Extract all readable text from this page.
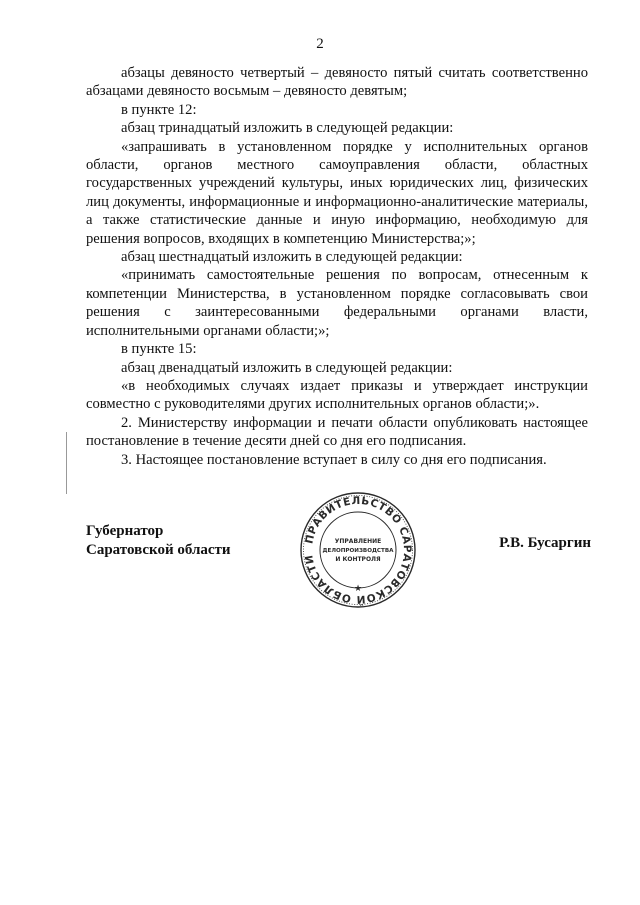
2

абзацы девяносто четвертый – девяносто пятый считать соответственно абзацами девяносто восьмым – девяносто девятым;

в пункте 12:

абзац тринадцатый изложить в следующей редакции:

«запрашивать в установленном порядке у исполнительных органов области, органов местного самоуправления области, областных государственных учреждений культуры, иных юридических лиц, физических лиц документы, информационные и информационно-аналитические материалы, а также статистические данные и иную информацию, необходимую для решения вопросов, входящих в компетенцию Министерства;»;

абзац шестнадцатый изложить в следующей редакции:

«принимать самостоятельные решения по вопросам, отнесенным к компетенции Министерства, в установленном порядке согласовывать свои решения с заинтересованными федеральными органами власти, исполнительными органами области;»;

в пункте 15:

абзац двенадцатый изложить в следующей редакции:

«в необходимых случаях издает приказы и утверждает инструкции совместно с руководителями других исполнительных органов области;».

2. Министерству информации и печати области опубликовать настоящее постановление в течение десяти дней со дня его подписания.

3. Настоящее постановление вступает в силу со дня его подписания.

Губернатор
Саратовской области
ПРАВИТЕЛЬСТВО САРАТОВСКОЙ ОБЛАСТИ
УПРАВЛЕНИЕ
ДЕЛОПРОИЗВОДСТВА
И КОНТРОЛЯ
★
Р.В. Бусаргин
